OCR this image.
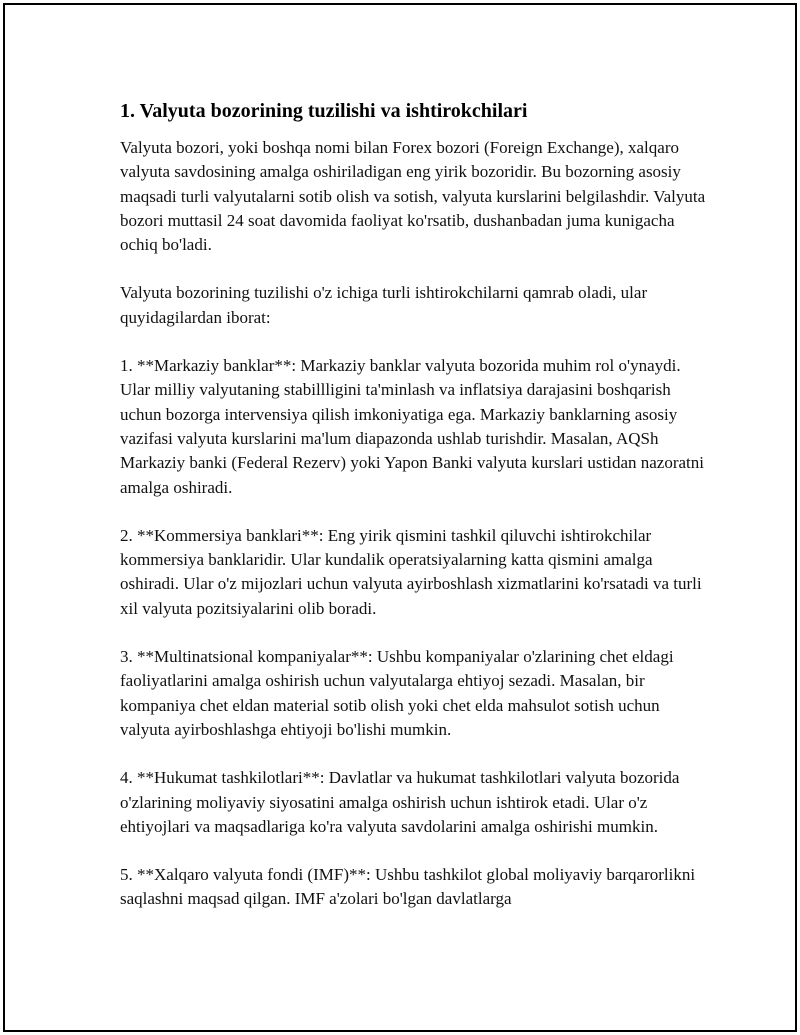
1. Valyuta bozorining tuzilishi va ishtirokchilari

Valyuta bozori, yoki boshqa nomi bilan Forex bozori (Foreign Exchange), xalqaro valyuta savdosining amalga oshiriladigan eng yirik bozoridir. Bu bozorning asosiy maqsadi turli valyutalarni sotib olish va sotish, valyuta kurslarini belgilashdir. Valyuta bozori muttasil 24 soat davomida faoliyat ko'rsatib, dushanbadan juma kunigacha ochiq bo'ladi.

Valyuta bozorining tuzilishi o'z ichiga turli ishtirokchilarni qamrab oladi, ular quyidagilardan iborat:

1. **Markaziy banklar**: Markaziy banklar valyuta bozorida muhim rol o'ynaydi. Ular milliy valyutaning stabillligini ta'minlash va inflatsiya darajasini boshqarish uchun bozorga intervensiya qilish imkoniyatiga ega. Markaziy banklarning asosiy vazifasi valyuta kurslarini ma'lum diapazonda ushlab turishdir. Masalan, AQSh Markaziy banki (Federal Rezerv) yoki Yapon Banki valyuta kurslari ustidan nazoratni amalga oshiradi.

2. **Kommersiya banklari**: Eng yirik qismini tashkil qiluvchi ishtirokchilar kommersiya banklaridir. Ular kundalik operatsiyalarning katta qismini amalga oshiradi. Ular o'z mijozlari uchun valyuta ayirboshlash xizmatlarini ko'rsatadi va turli xil valyuta pozitsiyalarini olib boradi.

3. **Multinatsional kompaniyalar**: Ushbu kompaniyalar o'zlarining chet eldagi faoliyatlarini amalga oshirish uchun valyutalarga ehtiyoj sezadi. Masalan, bir kompaniya chet eldan material sotib olish yoki chet elda mahsulot sotish uchun valyuta ayirboshlashga ehtiyoji bo'lishi mumkin.

4. **Hukumat tashkilotlari**: Davlatlar va hukumat tashkilotlari valyuta bozorida o'zlarining moliyaviy siyosatini amalga oshirish uchun ishtirok etadi. Ular o'z ehtiyojlari va maqsadlariga ko'ra valyuta savdolarini amalga oshirishi mumkin.

5. **Xalqaro valyuta fondi (IMF)**: Ushbu tashkilot global moliyaviy barqarorlikni saqlashni maqsad qilgan. IMF a'zolari bo'lgan davlatlarga
